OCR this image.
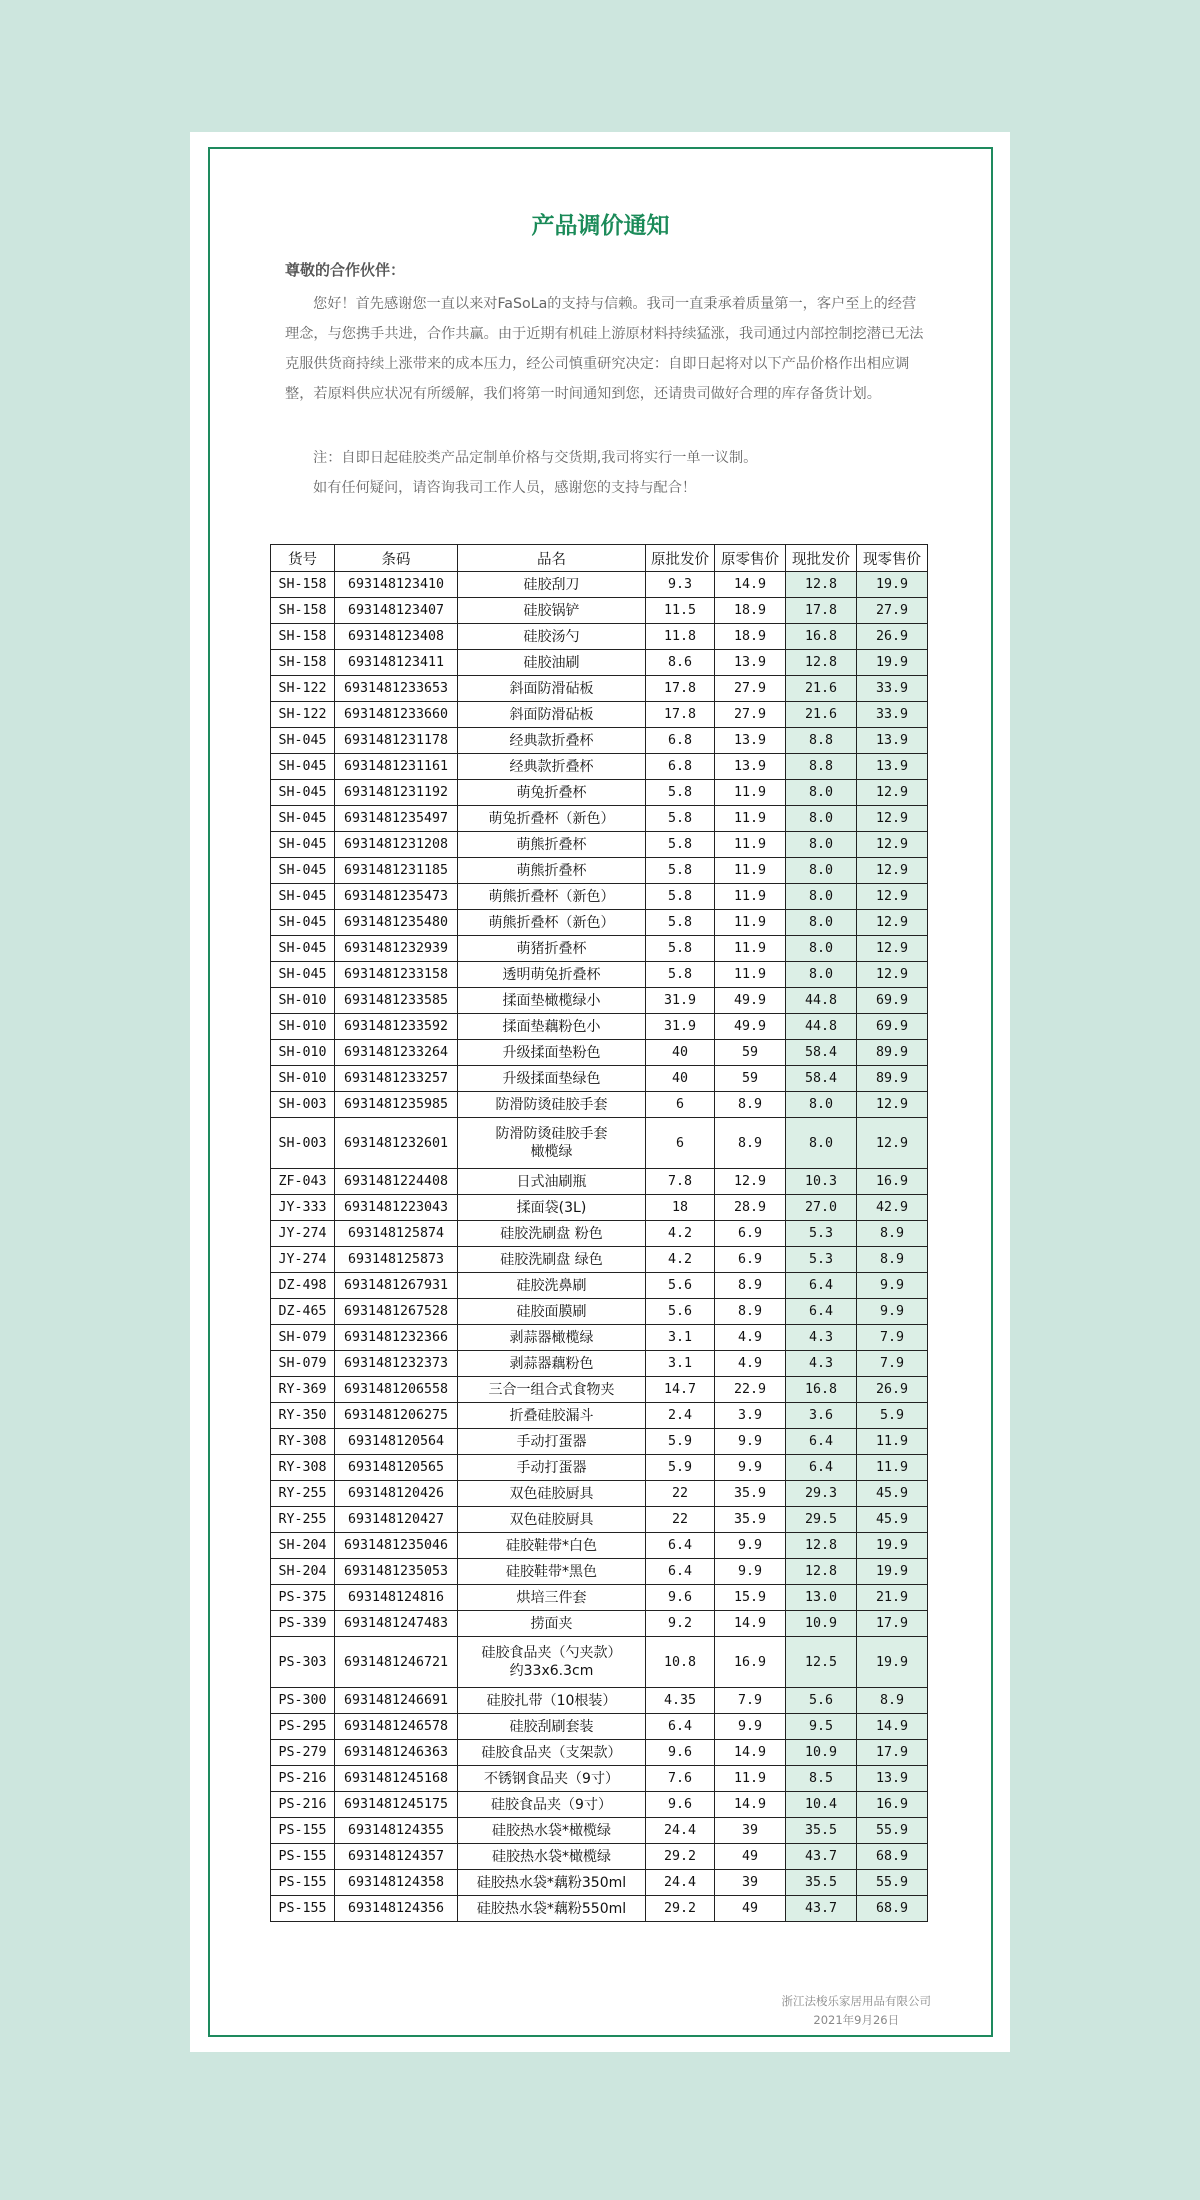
产品调价通知
尊敬的合作伙伴：

您好！首先感谢您一直以来对FaSoLa的支持与信赖。我司一直秉承着质量第一，客户至上的经营理念，与您携手共进，合作共赢。由于近期有机硅上游原材料持续猛涨，我司通过内部控制挖潜已无法克服供货商持续上涨带来的成本压力，经公司慎重研究决定：自即日起将对以下产品价格作出相应调整，若原料供应状况有所缓解，我们将第一时间通知到您，还请贵司做好合理的库存备货计划。

注：自即日起硅胶类产品定制单价格与交货期,我司将实行一单一议制。

如有任何疑问，请咨询我司工作人员，感谢您的支持与配合！

货号	条码	品名	原批发价	原零售价	现批发价	现零售价
SH-158	693148123410	硅胶刮刀	9.3	14.9	12.8	19.9
SH-158	693148123407	硅胶锅铲	11.5	18.9	17.8	27.9
SH-158	693148123408	硅胶汤勺	11.8	18.9	16.8	26.9
SH-158	693148123411	硅胶油刷	8.6	13.9	12.8	19.9
SH-122	6931481233653	斜面防滑砧板	17.8	27.9	21.6	33.9
SH-122	6931481233660	斜面防滑砧板	17.8	27.9	21.6	33.9
SH-045	6931481231178	经典款折叠杯	6.8	13.9	8.8	13.9
SH-045	6931481231161	经典款折叠杯	6.8	13.9	8.8	13.9
SH-045	6931481231192	萌兔折叠杯	5.8	11.9	8.0	12.9
SH-045	6931481235497	萌兔折叠杯（新色）	5.8	11.9	8.0	12.9
SH-045	6931481231208	萌熊折叠杯	5.8	11.9	8.0	12.9
SH-045	6931481231185	萌熊折叠杯	5.8	11.9	8.0	12.9
SH-045	6931481235473	萌熊折叠杯（新色）	5.8	11.9	8.0	12.9
SH-045	6931481235480	萌熊折叠杯（新色）	5.8	11.9	8.0	12.9
SH-045	6931481232939	萌猪折叠杯	5.8	11.9	8.0	12.9
SH-045	6931481233158	透明萌兔折叠杯	5.8	11.9	8.0	12.9
SH-010	6931481233585	揉面垫橄榄绿小	31.9	49.9	44.8	69.9
SH-010	6931481233592	揉面垫藕粉色小	31.9	49.9	44.8	69.9
SH-010	6931481233264	升级揉面垫粉色	40	59	58.4	89.9
SH-010	6931481233257	升级揉面垫绿色	40	59	58.4	89.9
SH-003	6931481235985	防滑防烫硅胶手套	6	8.9	8.0	12.9
SH-003	6931481232601	防滑防烫硅胶手套
橄榄绿	6	8.9	8.0	12.9
ZF-043	6931481224408	日式油刷瓶	7.8	12.9	10.3	16.9
JY-333	6931481223043	揉面袋(3L)	18	28.9	27.0	42.9
JY-274	693148125874	硅胶洗刷盘 粉色	4.2	6.9	5.3	8.9
JY-274	693148125873	硅胶洗刷盘 绿色	4.2	6.9	5.3	8.9
DZ-498	6931481267931	硅胶洗鼻刷	5.6	8.9	6.4	9.9
DZ-465	6931481267528	硅胶面膜刷	5.6	8.9	6.4	9.9
SH-079	6931481232366	剥蒜器橄榄绿	3.1	4.9	4.3	7.9
SH-079	6931481232373	剥蒜器藕粉色	3.1	4.9	4.3	7.9
RY-369	6931481206558	三合一组合式食物夹	14.7	22.9	16.8	26.9
RY-350	6931481206275	折叠硅胶漏斗	2.4	3.9	3.6	5.9
RY-308	693148120564	手动打蛋器	5.9	9.9	6.4	11.9
RY-308	693148120565	手动打蛋器	5.9	9.9	6.4	11.9
RY-255	693148120426	双色硅胶厨具	22	35.9	29.3	45.9
RY-255	693148120427	双色硅胶厨具	22	35.9	29.5	45.9
SH-204	6931481235046	硅胶鞋带*白色	6.4	9.9	12.8	19.9
SH-204	6931481235053	硅胶鞋带*黑色	6.4	9.9	12.8	19.9
PS-375	693148124816	烘培三件套	9.6	15.9	13.0	21.9
PS-339	6931481247483	捞面夹	9.2	14.9	10.9	17.9
PS-303	6931481246721	硅胶食品夹（勺夹款）
约33x6.3cm	10.8	16.9	12.5	19.9
PS-300	6931481246691	硅胶扎带（10根装）	4.35	7.9	5.6	8.9
PS-295	6931481246578	硅胶刮刷套装	6.4	9.9	9.5	14.9
PS-279	6931481246363	硅胶食品夹（支架款）	9.6	14.9	10.9	17.9
PS-216	6931481245168	不锈钢食品夹（9寸）	7.6	11.9	8.5	13.9
PS-216	6931481245175	硅胶食品夹（9寸）	9.6	14.9	10.4	16.9
PS-155	693148124355	硅胶热水袋*橄榄绿	24.4	39	35.5	55.9
PS-155	693148124357	硅胶热水袋*橄榄绿	29.2	49	43.7	68.9
PS-155	693148124358	硅胶热水袋*藕粉350ml	24.4	39	35.5	55.9
PS-155	693148124356	硅胶热水袋*藕粉550ml	29.2	49	43.7	68.9
浙江法梭乐家居用品有限公司
2021年9月26日
